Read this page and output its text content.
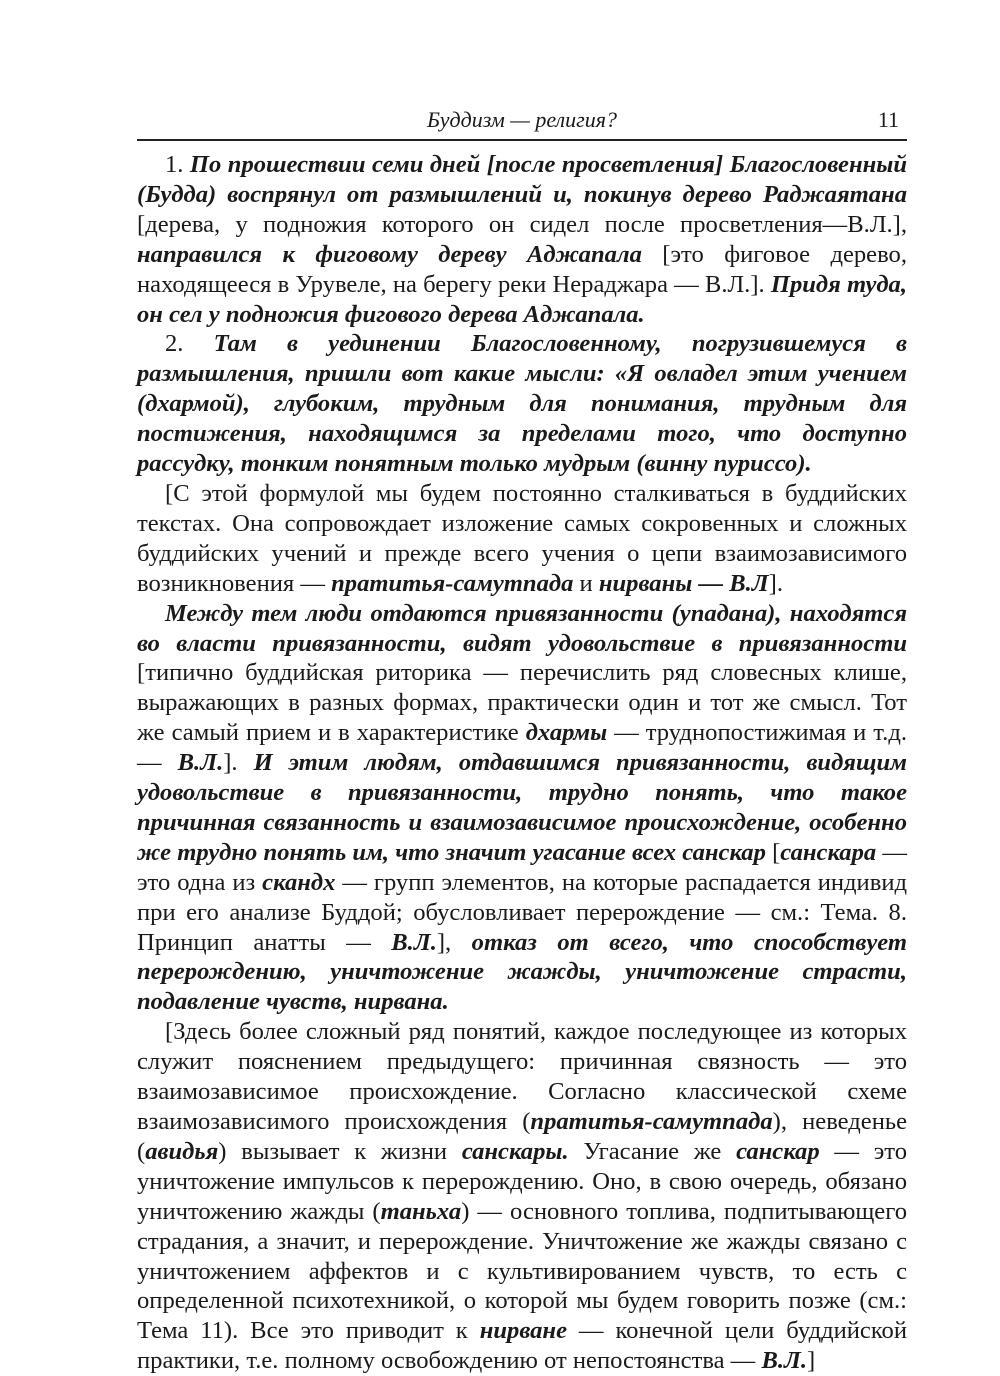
Буддизм — религия?	11

1. По прошествии семи дней [после просветления] Благословенный (Будда) воспрянул от размышлений и, покинув дерево Раджаятана [дерева, у подножия которого он сидел после просветления—В.Л.], направился к фиговому дереву Аджапала [это фиговое дерево, находящееся в Урувеле, на берегу реки Нераджара — В.Л.]. Придя туда, он сел у подножия фигового дерева Аджапала.

2. Там в уединении Благословенному, погрузившемуся в размышления, пришли вот какие мысли: «Я овладел этим учением (дхармой), глубоким, трудным для понимания, трудным для постижения, находящимся за пределами того, что доступно рассудку, тонким понятным только мудрым (винну пуриссо).

[С этой формулой мы будем постоянно сталкиваться в буддийских текстах. Она сопровождает изложение самых сокровенных и сложных буддийских учений и прежде всего учения о цепи взаимозависимого возникновения — пратитья-самутпада и нирваны — В.Л].

Между тем люди отдаются привязанности (упадана), находятся во власти привязанности, видят удовольствие в привязанности [типично буддийская риторика — перечислить ряд словесных клише, выражающих в разных формах, практически один и тот же смысл. Тот же самый прием и в характеристике дхармы — труднопостижимая и т.д. — В.Л.]. И этим людям, отдавшимся привязанности, видящим удовольствие в привязанности, трудно понять, что такое причинная связанность и взаимозависимое происхождение, особенно же трудно понять им, что значит угасание всех санскар [санскара — это одна из скандх — групп элементов, на которые распадается индивид при его анализе Буддой; обусловливает перерождение — см.: Тема. 8. Принцип анатты — В.Л.], отказ от всего, что способствует перерождению, уничтожение жажды, уничтожение страсти, подавление чувств, нирвана.

[Здесь более сложный ряд понятий, каждое последующее из которых служит пояснением предыдущего: причинная связность — это взаимозависимое происхождение. Согласно классической схеме взаимозависимого происхождения (пратитья-самутпада), неведенье (авидья) вызывает к жизни санскары. Угасание же санскар — это уничтожение импульсов к перерождению. Оно, в свою очередь, обязано уничтожению жажды (таньха) — основного топлива, подпитывающего страдания, а значит, и перерождение. Уничтожение же жажды связано с уничтожением аффектов и с культивированием чувств, то есть с определенной психотехникой, о которой мы будем говорить позже (см.: Тема 11). Все это приводит к нирване — конечной цели буддийской практики, т.е. полному освобождению от непостоянства — В.Л.]
